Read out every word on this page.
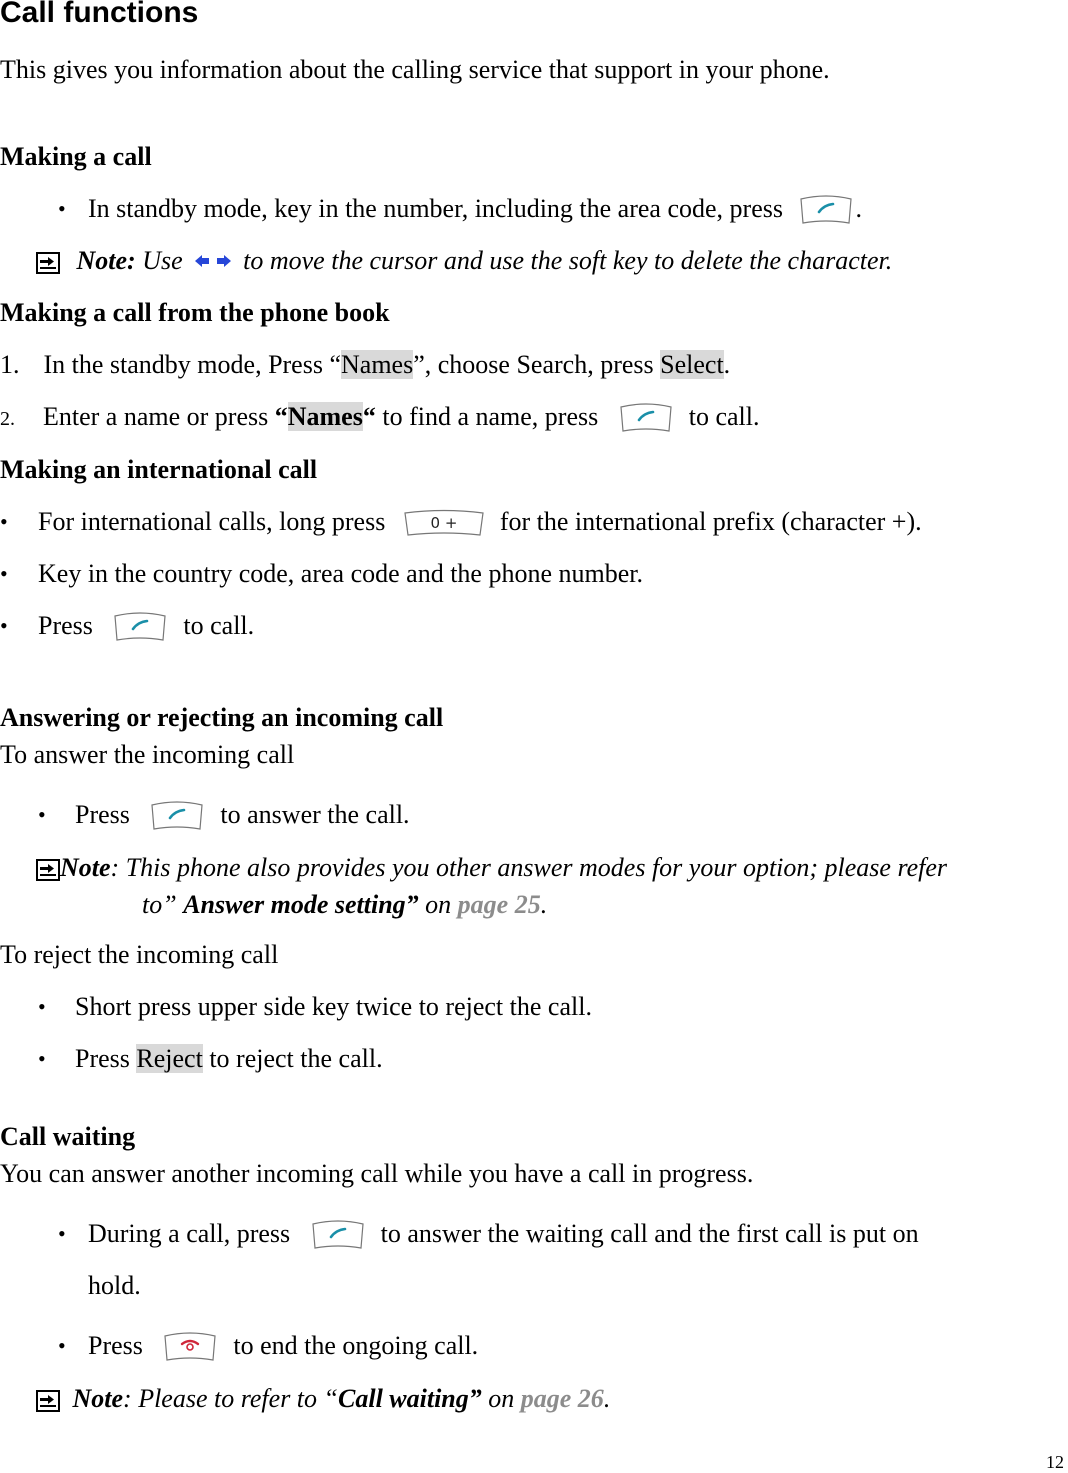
Call functions
This gives you information about the calling service that support in your phone.
Making a call
• In standby mode, key in the number, including the area code, press	.
Note: Use to move the cursor and use the soft key to delete the character.
Making a call from the phone book
1. In the standby mode, Press “Names”, choose Search, press Select.
2. Enter a name or press “Names“ to find a name, press	to call.
Making an international call
• For international calls, long press	0 + for the international prefix (character +).
• Key in the country code, area code and the phone number.
• Press	to call.
Answering or rejecting an incoming call
To answer the incoming call
• Press	to answer the call.
Note: This phone also provides you other answer modes for your option; please refer
to” Answer mode setting” on page 25.
To reject the incoming call
• Short press upper side key twice to reject the call.
• Press Reject to reject the call.
Call waiting
You can answer another incoming call while you have a call in progress.
• During a call, press	to answer the waiting call and the first call is put on
hold.
• Press	to end the ongoing call.
Note: Please to refer to “Call waiting” on page 26.
12
